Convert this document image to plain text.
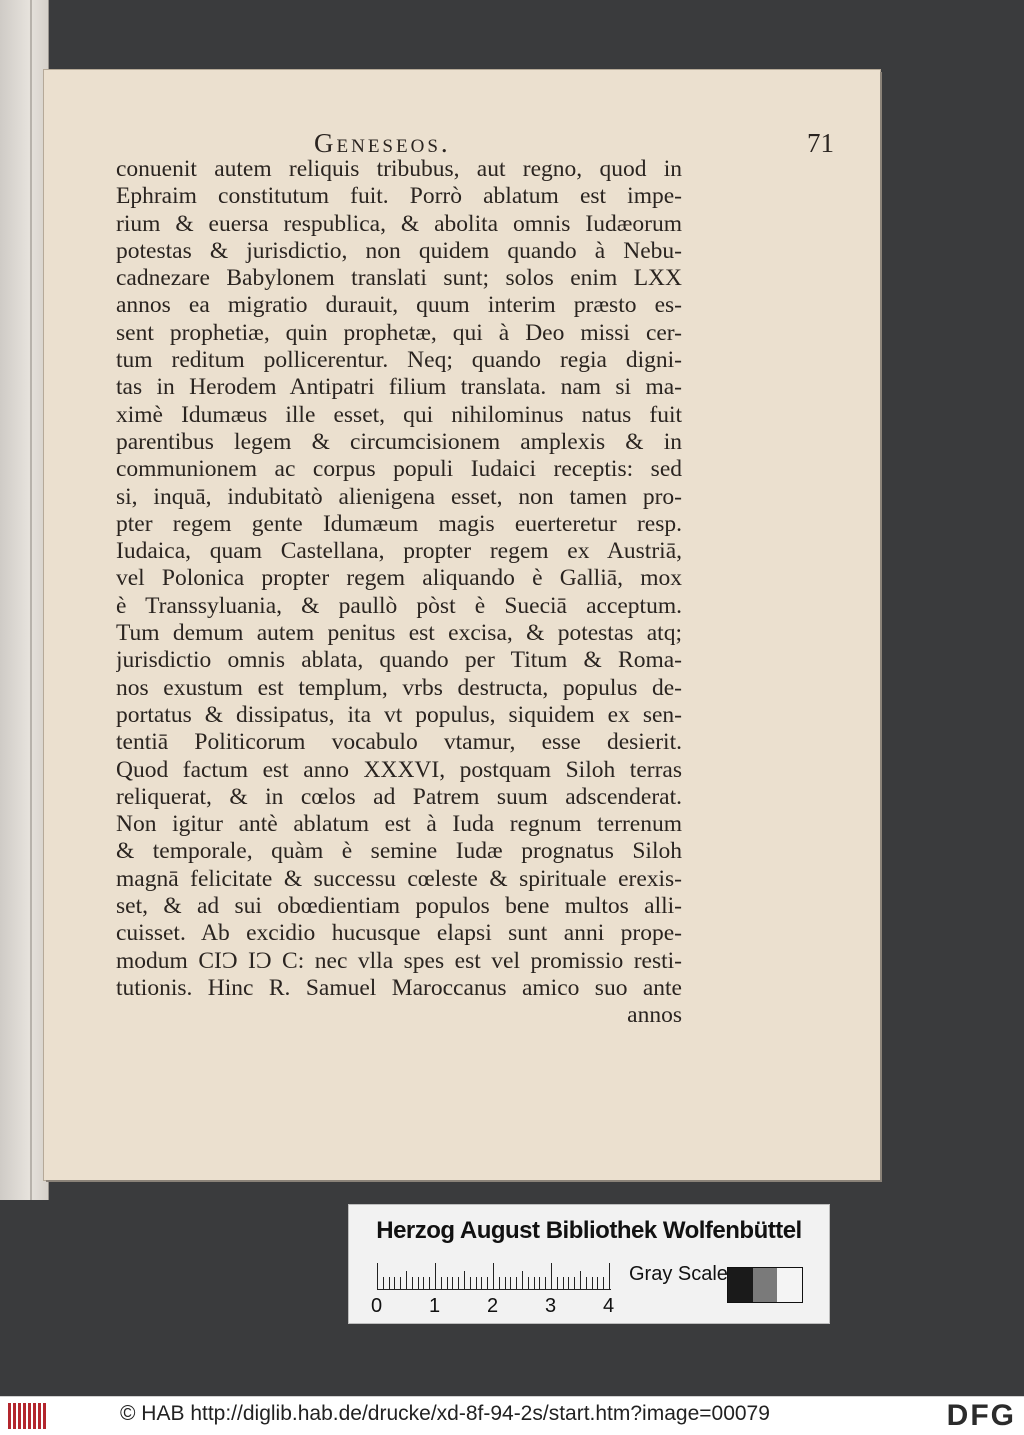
Geneseos.	71
conuenit autem reliquis tribubus, aut regno, quod in
Ephraim constitutum fuit. Porrò ablatum est impe-
rium & euersa respublica, & abolita omnis Iudæorum
potestas & jurisdictio, non quidem quando à Nebu-
cadnezare Babylonem translati sunt; solos enim LXX
annos ea migratio durauit, quum interim præsto es-
sent prophetiæ, quin prophetæ, qui à Deo missi cer-
tum reditum pollicerentur. Neq; quando regia digni-
tas in Herodem Antipatri filium translata. nam si ma-
ximè Idumæus ille esset, qui nihilominus natus fuit
parentibus legem & circumcisionem amplexis & in
communionem ac corpus populi Iudaici receptis: sed
si, inquā, indubitatò alienigena esset, non tamen pro-
pter regem gente Idumæum magis euerteretur resp.
Iudaica, quam Castellana, propter regem ex Austriā,
vel Polonica propter regem aliquando è Galliā, mox
è Transsyluania, & paullò pòst è Sueciā acceptum.
Tum demum autem penitus est excisa, & potestas atq;
jurisdictio omnis ablata, quando per Titum & Roma-
nos exustum est templum, vrbs destructa, populus de-
portatus & dissipatus, ita vt populus, siquidem ex sen-
tentiā Politicorum vocabulo vtamur, esse desierit.
Quod factum est anno XXXVI, postquam Siloh terras
reliquerat, & in cœlos ad Patrem suum adscenderat.
Non igitur antè ablatum est à Iuda regnum terrenum
& temporale, quàm è semine Iudæ prognatus Siloh
magnā felicitate & successu cœleste & spirituale erexis-
set, & ad sui obœdientiam populos bene multos alli-
cuisset. Ab excidio hucusque elapsi sunt anni prope-
modum CIƆ IƆ C: nec vlla spes est vel promissio resti-
tutionis. Hinc R. Samuel Maroccanus amico suo ante
annos
Herzog August Bibliothek Wolfenbüttel
0 1 2 3 4
Gray Scale
© HAB http://diglib.hab.de/drucke/xd-8f-94-2s/start.htm?image=00079	DFG
